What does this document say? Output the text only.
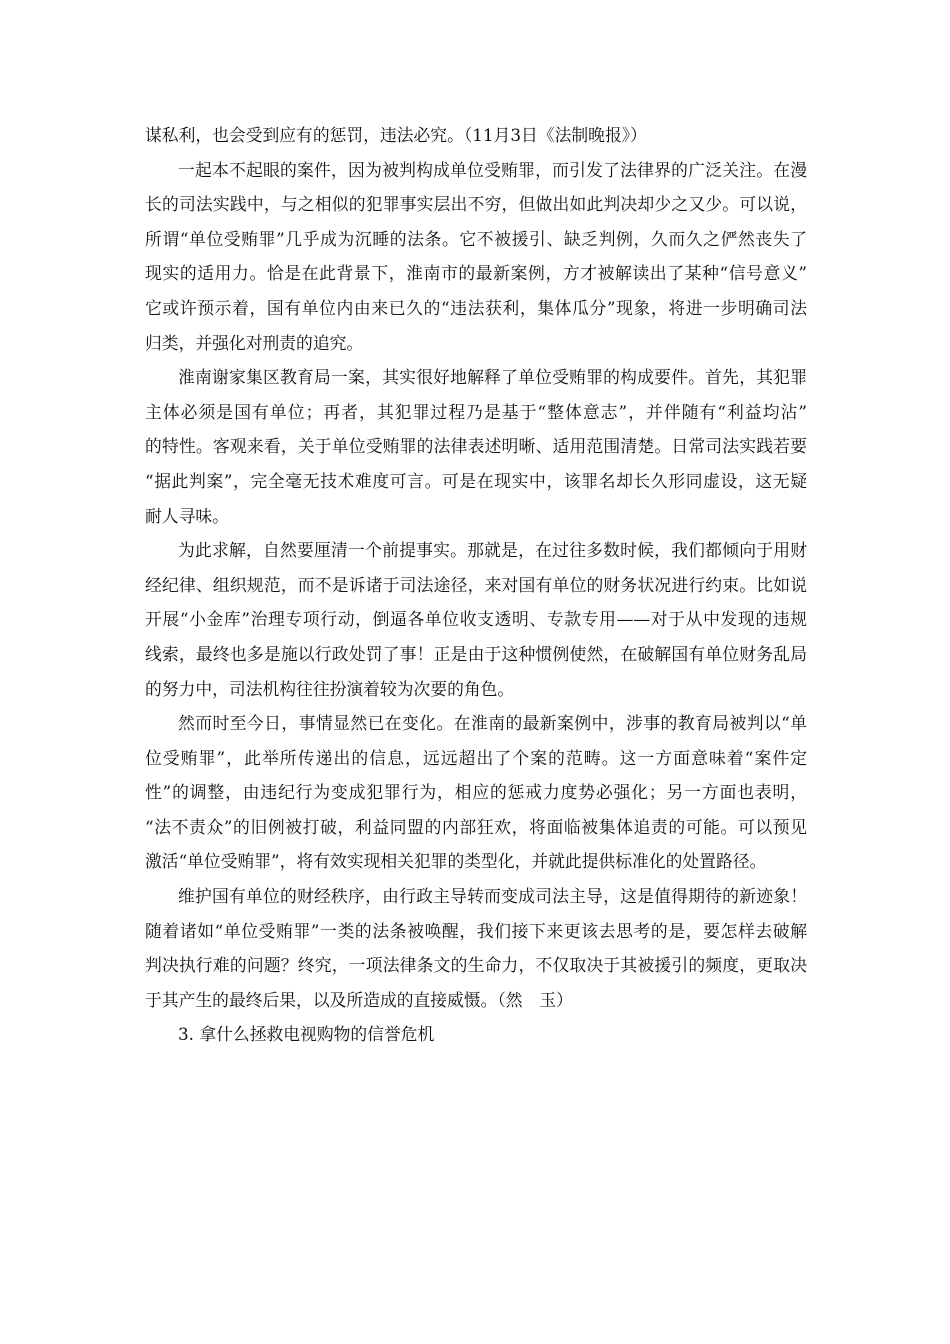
谋私利，也会受到应有的惩罚，违法必究。（11月3日《法制晚报》）
一起本不起眼的案件，因为被判构成单位受贿罪，而引发了法律界的广泛关注。在漫
长的司法实践中，与之相似的犯罪事实层出不穷，但做出如此判决却少之又少。可以说，
所谓“单位受贿罪”几乎成为沉睡的法条。它不被援引、缺乏判例，久而久之俨然丧失了
现实的适用力。恰是在此背景下，淮南市的最新案例，方才被解读出了某种“信号意义”
它或许预示着，国有单位内由来已久的“违法获利，集体瓜分”现象，将进一步明确司法
归类，并强化对刑责的追究。
淮南谢家集区教育局一案，其实很好地解释了单位受贿罪的构成要件。首先，其犯罪
主体必须是国有单位；再者，其犯罪过程乃是基于“整体意志”，并伴随有“利益均沾”
的特性。客观来看，关于单位受贿罪的法律表述明晰、适用范围清楚。日常司法实践若要
“据此判案”，完全毫无技术难度可言。可是在现实中，该罪名却长久形同虚设，这无疑
耐人寻味。
为此求解，自然要厘清一个前提事实。那就是，在过往多数时候，我们都倾向于用财
经纪律、组织规范，而不是诉诸于司法途径，来对国有单位的财务状况进行约束。比如说
开展“小金库”治理专项行动，倒逼各单位收支透明、专款专用——对于从中发现的违规
线索，最终也多是施以行政处罚了事！正是由于这种惯例使然，在破解国有单位财务乱局
的努力中，司法机构往往扮演着较为次要的角色。
然而时至今日，事情显然已在变化。在淮南的最新案例中，涉事的教育局被判以“单
位受贿罪”，此举所传递出的信息，远远超出了个案的范畴。这一方面意味着“案件定
性”的调整，由违纪行为变成犯罪行为，相应的惩戒力度势必强化；另一方面也表明，
“法不责众”的旧例被打破，利益同盟的内部狂欢，将面临被集体追责的可能。可以预见
激活“单位受贿罪”，将有效实现相关犯罪的类型化，并就此提供标准化的处置路径。
维护国有单位的财经秩序，由行政主导转而变成司法主导，这是值得期待的新迹象！
随着诸如“单位受贿罪”一类的法条被唤醒，我们接下来更该去思考的是，要怎样去破解
判决执行难的问题？终究，一项法律条文的生命力，不仅取决于其被援引的频度，更取决
于其产生的最终后果，以及所造成的直接威慑。（然　玉）
3. 拿什么拯救电视购物的信誉危机
